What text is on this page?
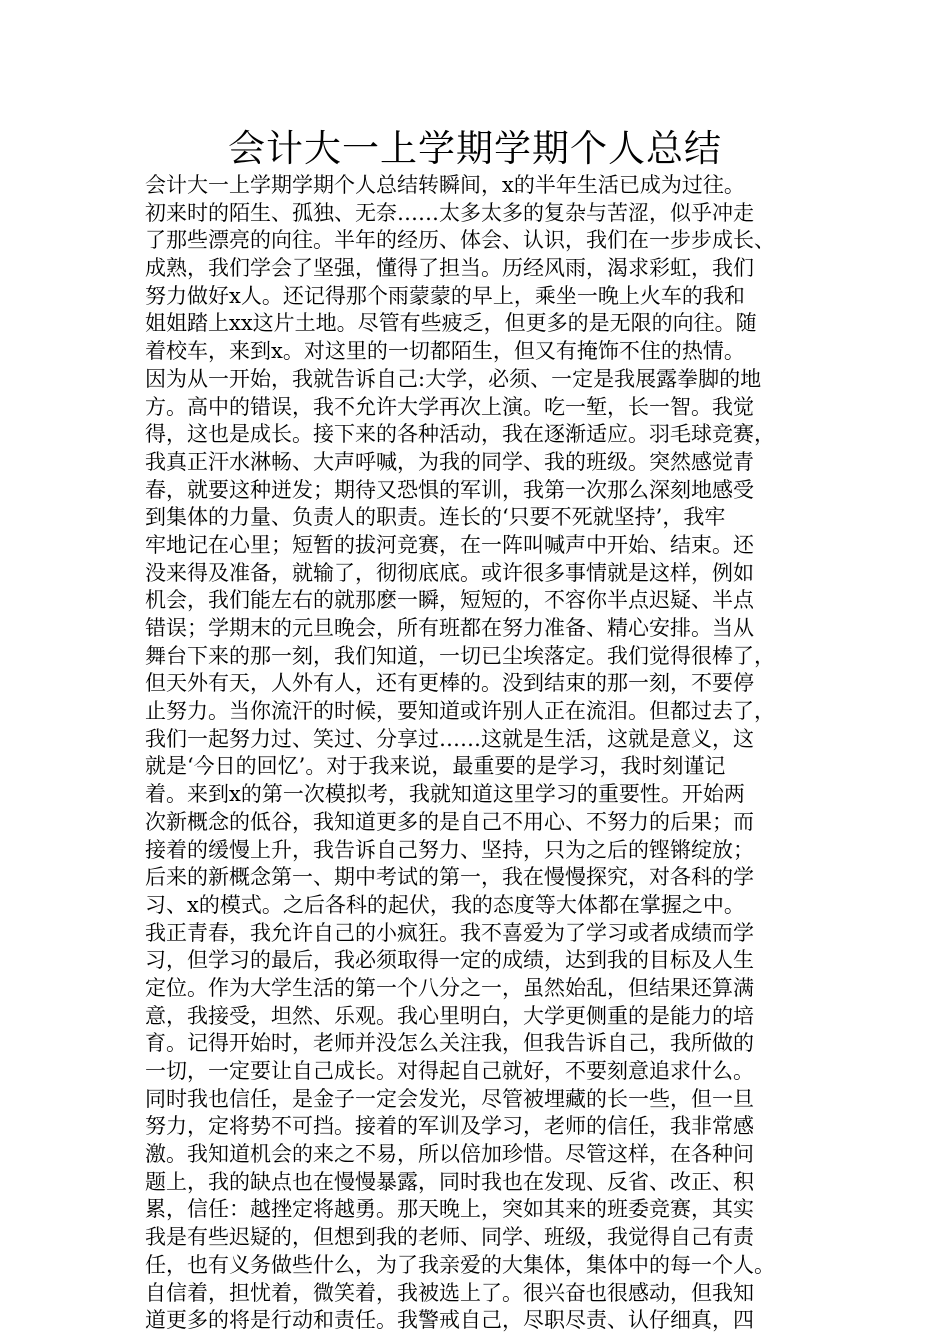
会计大一上学期学期个人总结
会计大一上学期学期个人总结转瞬间，x的半年生活已成为过往。
初来时的陌生、孤独、无奈……太多太多的复杂与苦涩，似乎冲走
了那些漂亮的向往。半年的经历、体会、认识，我们在一步步成长、
成熟，我们学会了坚强，懂得了担当。历经风雨，渴求彩虹，我们
努力做好x人。还记得那个雨蒙蒙的早上，乘坐一晚上火车的我和
姐姐踏上xx这片土地。尽管有些疲乏，但更多的是无限的向往。随
着校车，来到x。对这里的一切都陌生，但又有掩饰不住的热情。
因为从一开始，我就告诉自己:大学，必须、一定是我展露拳脚的地
方。高中的错误，我不允许大学再次上演。吃一堑，长一智。我觉
得，这也是成长。接下来的各种活动，我在逐渐适应。羽毛球竞赛，
我真正汗水淋畅、大声呼喊，为我的同学、我的班级。突然感觉青
春，就要这种迸发；期待又恐惧的军训，我第一次那么深刻地感受
到集体的力量、负责人的职责。连长的‘只要不死就坚持’，我牢
牢地记在心里；短暂的拔河竞赛，在一阵叫喊声中开始、结束。还
没来得及准备，就输了，彻彻底底。或许很多事情就是这样，例如
机会，我们能左右的就那麽一瞬，短短的，不容你半点迟疑、半点
错误；学期末的元旦晚会，所有班都在努力准备、精心安排。当从
舞台下来的那一刻，我们知道，一切已尘埃落定。我们觉得很棒了，
但天外有天，人外有人，还有更棒的。没到结束的那一刻，不要停
止努力。当你流汗的时候，要知道或许别人正在流泪。但都过去了，
我们一起努力过、笑过、分享过……这就是生活，这就是意义，这
就是‘今日的回忆’。对于我来说，最重要的是学习，我时刻谨记
着。来到x的第一次模拟考，我就知道这里学习的重要性。开始两
次新概念的低谷，我知道更多的是自己不用心、不努力的后果；而
接着的缓慢上升，我告诉自己努力、坚持，只为之后的铿锵绽放；
后来的新概念第一、期中考试的第一，我在慢慢探究，对各科的学
习、x的模式。之后各科的起伏，我的态度等大体都在掌握之中。
我正青春，我允许自己的小疯狂。我不喜爱为了学习或者成绩而学
习，但学习的最后，我必须取得一定的成绩，达到我的目标及人生
定位。作为大学生活的第一个八分之一，虽然始乱，但结果还算满
意，我接受，坦然、乐观。我心里明白，大学更侧重的是能力的培
育。记得开始时，老师并没怎么关注我，但我告诉自己，我所做的
一切，一定要让自己成长。对得起自己就好，不要刻意追求什么。
同时我也信任，是金子一定会发光，尽管被埋藏的长一些，但一旦
努力，定将势不可挡。接着的军训及学习，老师的信任，我非常感
激。我知道机会的来之不易，所以倍加珍惜。尽管这样，在各种问
题上，我的缺点也在慢慢暴露，同时我也在发现、反省、改正、积
累，信任：越挫定将越勇。那天晚上，突如其来的班委竞赛，其实
我是有些迟疑的，但想到我的老师、同学、班级，我觉得自己有责
任，也有义务做些什么，为了我亲爱的大集体，集体中的每一个人。
自信着，担忧着，微笑着，我被选上了。很兴奋也很感动，但我知
道更多的将是行动和责任。我警戒自己，尽职尽责、认仔细真，四
